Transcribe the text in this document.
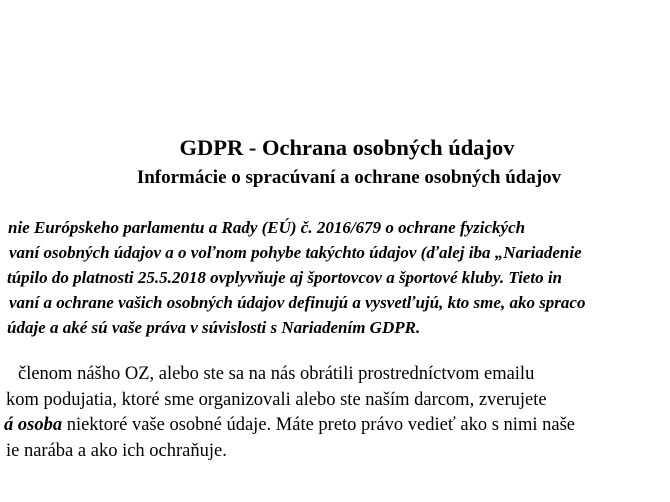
GDPR - Ochrana osobných údajov
Informácie o spracúvaní a ochrane osobných údajov
nie Európskeho parlamentu a Rady (EÚ) č. 2016/679 o ochrane fyzických
vaní osobných údajov a o voľnom pohybe takýchto údajov (ďalej iba „Nariadenie
túpilo do platnosti 25.5.2018 ovplyvňuje aj športovcov a športové kluby. Tieto in
vaní a ochrane vašich osobných údajov definujú a vysvetľujú, kto sme, ako spraco
údaje a aké sú vaše práva v súvislosti s Nariadením GDPR.
členom nášho OZ, alebo ste sa na nás obrátili prostredníctvom emailu
kom podujatia, ktoré sme organizovali alebo ste naším darcom, zverujete
á osoba niektoré vaše osobné údaje. Máte preto právo vedieť ako s nimi naše
ie narába a ako ich ochraňuje.
